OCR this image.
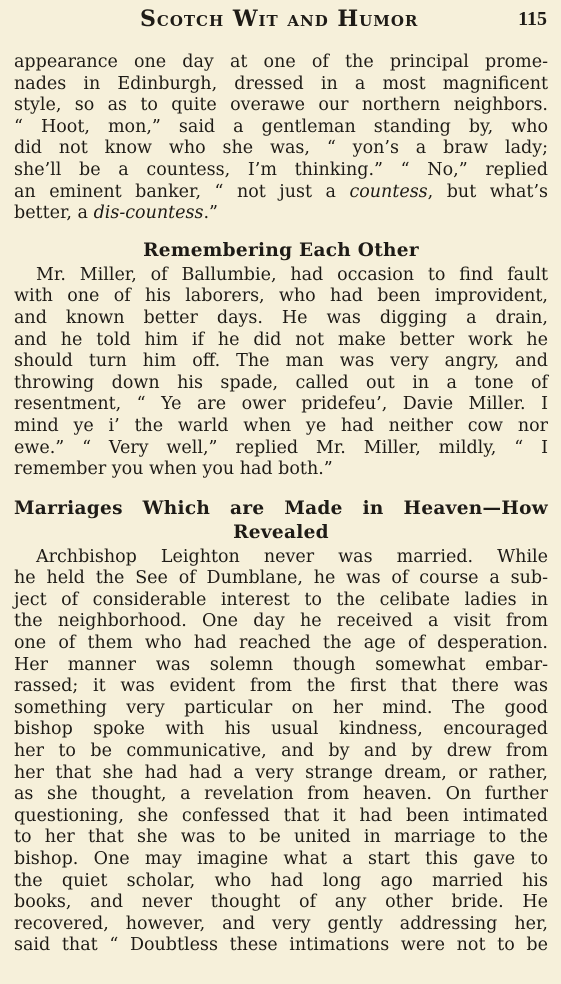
Scotch Wit and Humor	115
appearance one day at one of the principal prome-
nades in Edinburgh, dressed in a most magnificent
style, so as to quite overawe our northern neighbors.
“ Hoot, mon,” said a gentleman standing by, who
did not know who she was, “ yon’s a braw lady;
she’ll be a countess, I’m thinking.” “ No,” replied
an eminent banker, “ not just a countess, but what’s
better, a dis-countess.”
Remembering Each Other
Mr. Miller, of Ballumbie, had occasion to find fault
with one of his laborers, who had been improvident,
and known better days. He was digging a drain,
and he told him if he did not make better work he
should turn him off. The man was very angry, and
throwing down his spade, called out in a tone of
resentment, “ Ye are ower pridefeu’, Davie Miller. I
mind ye i’ the warld when ye had neither cow nor
ewe.” “ Very well,” replied Mr. Miller, mildly, “ I
remember you when you had both.”
Marriages Which are Made in Heaven—How
Revealed
Archbishop Leighton never was married. While
he held the See of Dumblane, he was of course a sub-
ject of considerable interest to the celibate ladies in
the neighborhood. One day he received a visit from
one of them who had reached the age of desperation.
Her manner was solemn though somewhat embar-
rassed; it was evident from the first that there was
something very particular on her mind. The good
bishop spoke with his usual kindness, encouraged
her to be communicative, and by and by drew from
her that she had had a very strange dream, or rather,
as she thought, a revelation from heaven. On further
questioning, she confessed that it had been intimated
to her that she was to be united in marriage to the
bishop. One may imagine what a start this gave to
the quiet scholar, who had long ago married his
books, and never thought of any other bride. He
recovered, however, and very gently addressing her,
said that “ Doubtless these intimations were not to be
